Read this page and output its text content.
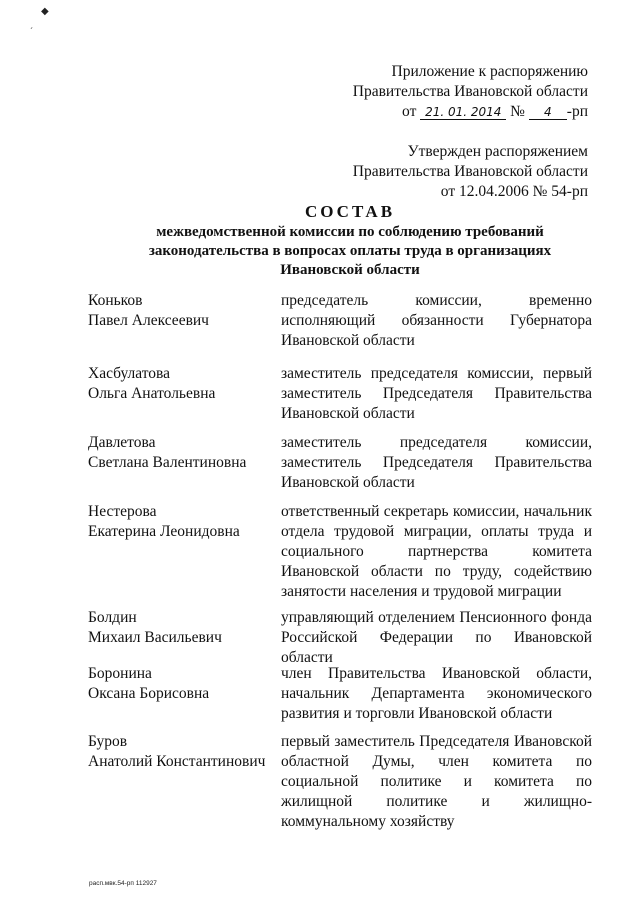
◆
ˊ
Приложение к распоряжению
Правительства Ивановской области
от 21. 01. 2014 № 4 -рп
Утвержден распоряжением
Правительства Ивановской области
от 12.04.2006 № 54-рп
СОСТАВ
межведомственной комиссии по соблюдению требований
законодательства в вопросах оплаты труда в организациях
Ивановской области
Коньков
Павел Алексеевич
председатель комиссии, временно исполняющий обязанности Губернатора Ивановской области
Хасбулатова
Ольга Анатольевна
заместитель председателя комиссии, первый заместитель Председателя Правительства Ивановской области
Давлетова
Светлана Валентиновна
заместитель председателя комиссии, заместитель Председателя Правительства Ивановской области
Нестерова
Екатерина Леонидовна
ответственный секретарь комиссии, начальник отдела трудовой миграции, оплаты труда и социального партнерства комитета Ивановской области по труду, содействию занятости населения и трудовой миграции
Болдин
Михаил Васильевич
управляющий отделением Пенсионного фонда Российской Федерации по Ивановской области
Боронина
Оксана Борисовна
член Правительства Ивановской области, начальник Департамента экономического развития и торговли Ивановской области
Буров
Анатолий Константинович
первый заместитель Председателя Ивановской областной Думы, член комитета по социальной политике и комитета по жилищной политике и жилищно-коммунальному хозяйству
расп.мвк.54-рп 112927
